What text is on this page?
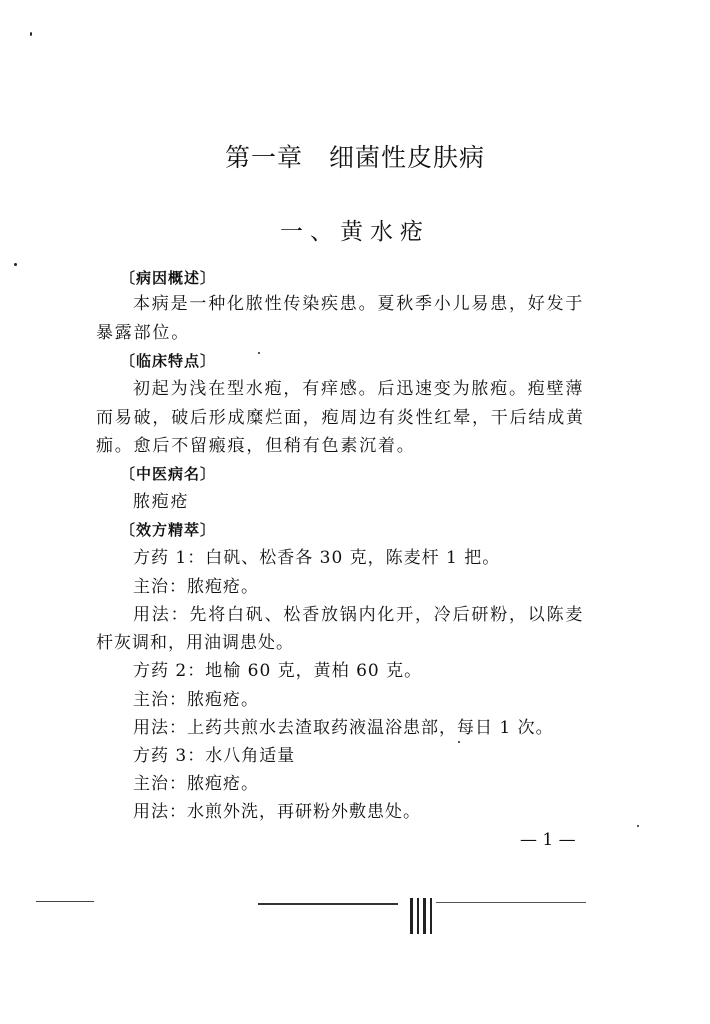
第一章　细菌性皮肤病
一、黄水疮
〔病因概述〕
本病是一种化脓性传染疾患。夏秋季小儿易患，好发于
暴露部位。
〔临床特点〕
初起为浅在型水疱，有痒感。后迅速变为脓疱。疱壁薄
而易破，破后形成糜烂面，疱周边有炎性红晕，干后结成黄
痂。愈后不留瘢痕，但稍有色素沉着。
〔中医病名〕
脓疱疮
〔效方精萃〕
方药 1：白矾、松香各 30 克，陈麦杆 1 把。
主治：脓疱疮。
用法：先将白矾、松香放锅内化开，冷后研粉，以陈麦
杆灰调和，用油调患处。
方药 2：地榆 60 克，黄柏 60 克。
主治：脓疱疮。
用法：上药共煎水去渣取药液温浴患部，每日 1 次。
方药 3：水八角适量
主治：脓疱疮。
用法：水煎外洗，再研粉外敷患处。
— 1 —
